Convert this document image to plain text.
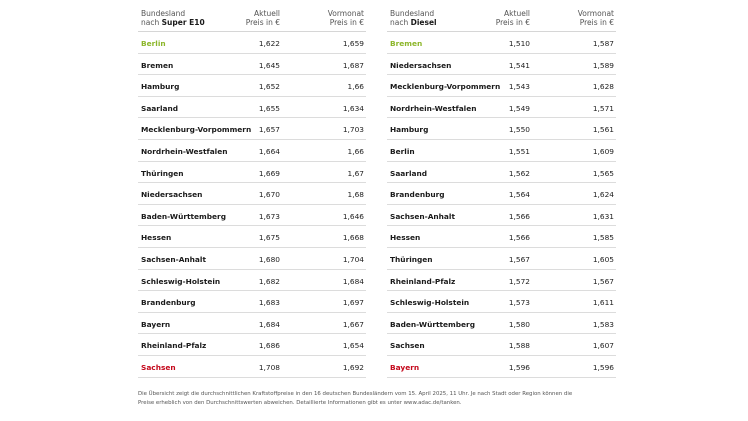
Bundesland
nach Super E10
Aktuell
Preis in €
Vormonat
Preis in €
Berlin	1,622	1,659
Bremen	1,645	1,687
Hamburg	1,652	1,66
Saarland	1,655	1,634
Mecklenburg-Vorpommern 1,657	1,703
Nordrhein-Westfalen	1,664	1,66
Thüringen	1,669	1,67
Niedersachsen	1,670	1,68
Baden-Württemberg	1,673	1,646
Hessen	1,675	1,668
Sachsen-Anhalt	1,680	1,704
Schleswig-Holstein	1,682	1,684
Brandenburg	1,683	1,697
Bayern	1,684	1,667
Rheinland-Pfalz	1,686	1,654
Sachsen	1,708	1,692
Bundesland
nach Diesel
Aktuell
Preis in €
Vormonat
Preis in €
Bremen	1,510	1,587
Niedersachsen	1,541	1,589
Mecklenburg-Vorpommern 1,543	1,628
Nordrhein-Westfalen	1,549	1,571
Hamburg	1,550	1,561
Berlin	1,551	1,609
Saarland	1,562	1,565
Brandenburg	1,564	1,624
Sachsen-Anhalt	1,566	1,631
Hessen	1,566	1,585
Thüringen	1,567	1,605
Rheinland-Pfalz	1,572	1,567
Schleswig-Holstein	1,573	1,611
Baden-Württemberg	1,580	1,583
Sachsen	1,588	1,607
Bayern	1,596	1,596
Die Übersicht zeigt die durchschnittlichen Kraftstoffpreise in den 16 deutschen Bundesländern vom 15. April 2025, 11 Uhr. Je nach Stadt oder Region können die
Preise erheblich von den Durchschnittswerten abweichen. Detaillierte Informationen gibt es unter www.adac.de/tanken.
